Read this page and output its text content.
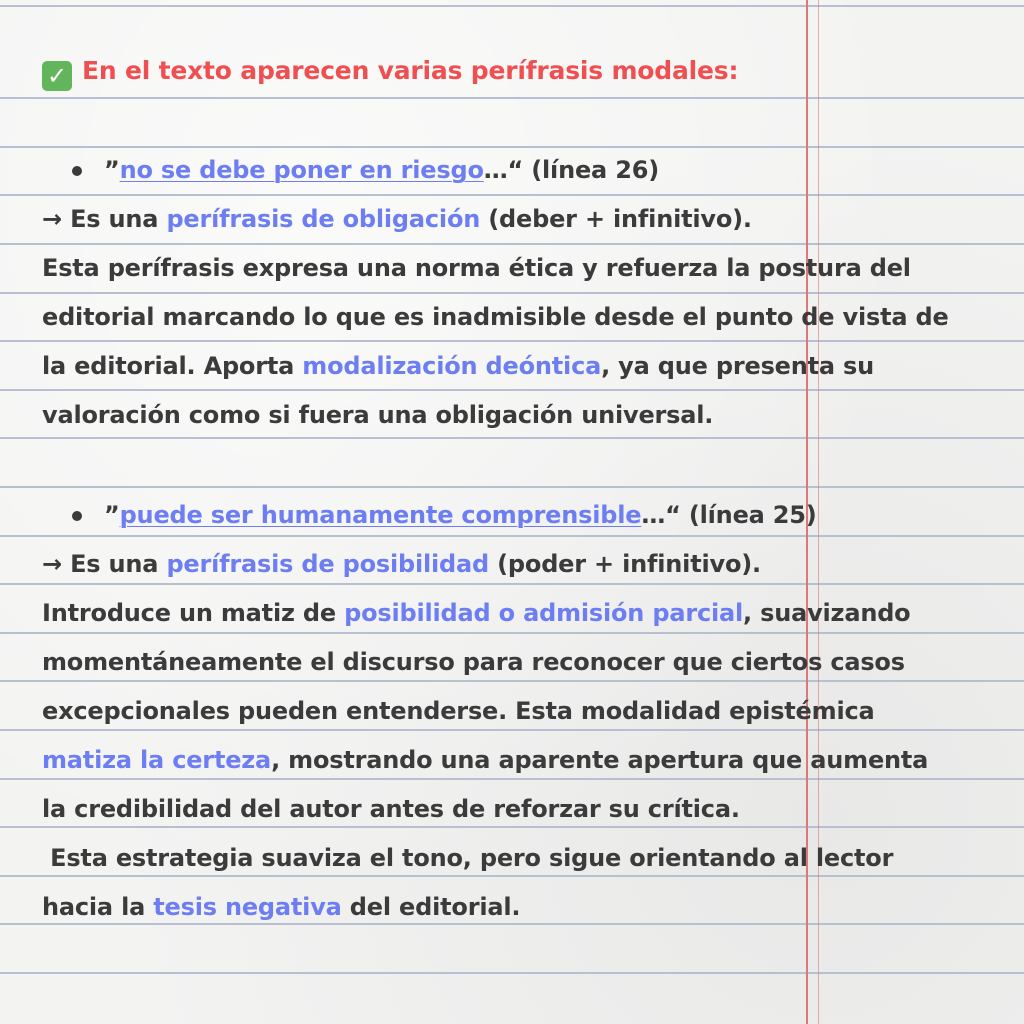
✓ En el texto aparecen varias perífrasis modales:
”no se debe poner en riesgo…“ (línea 26)
→ Es una perífrasis de obligación (deber + infinitivo).
Esta perífrasis expresa una norma ética y refuerza la postura del
editorial marcando lo que es inadmisible desde el punto de vista de
la editorial. Aporta modalización deóntica, ya que presenta su
valoración como si fuera una obligación universal.
”puede ser humanamente comprensible…“ (línea 25)
→ Es una perífrasis de posibilidad (poder + infinitivo).
Introduce un matiz de posibilidad o admisión parcial, suavizando
momentáneamente el discurso para reconocer que ciertos casos
excepcionales pueden entenderse. Esta modalidad epistémica
matiza la certeza, mostrando una aparente apertura que aumenta
la credibilidad del autor antes de reforzar su crítica.
Esta estrategia suaviza el tono, pero sigue orientando al lector
hacia la tesis negativa del editorial.
